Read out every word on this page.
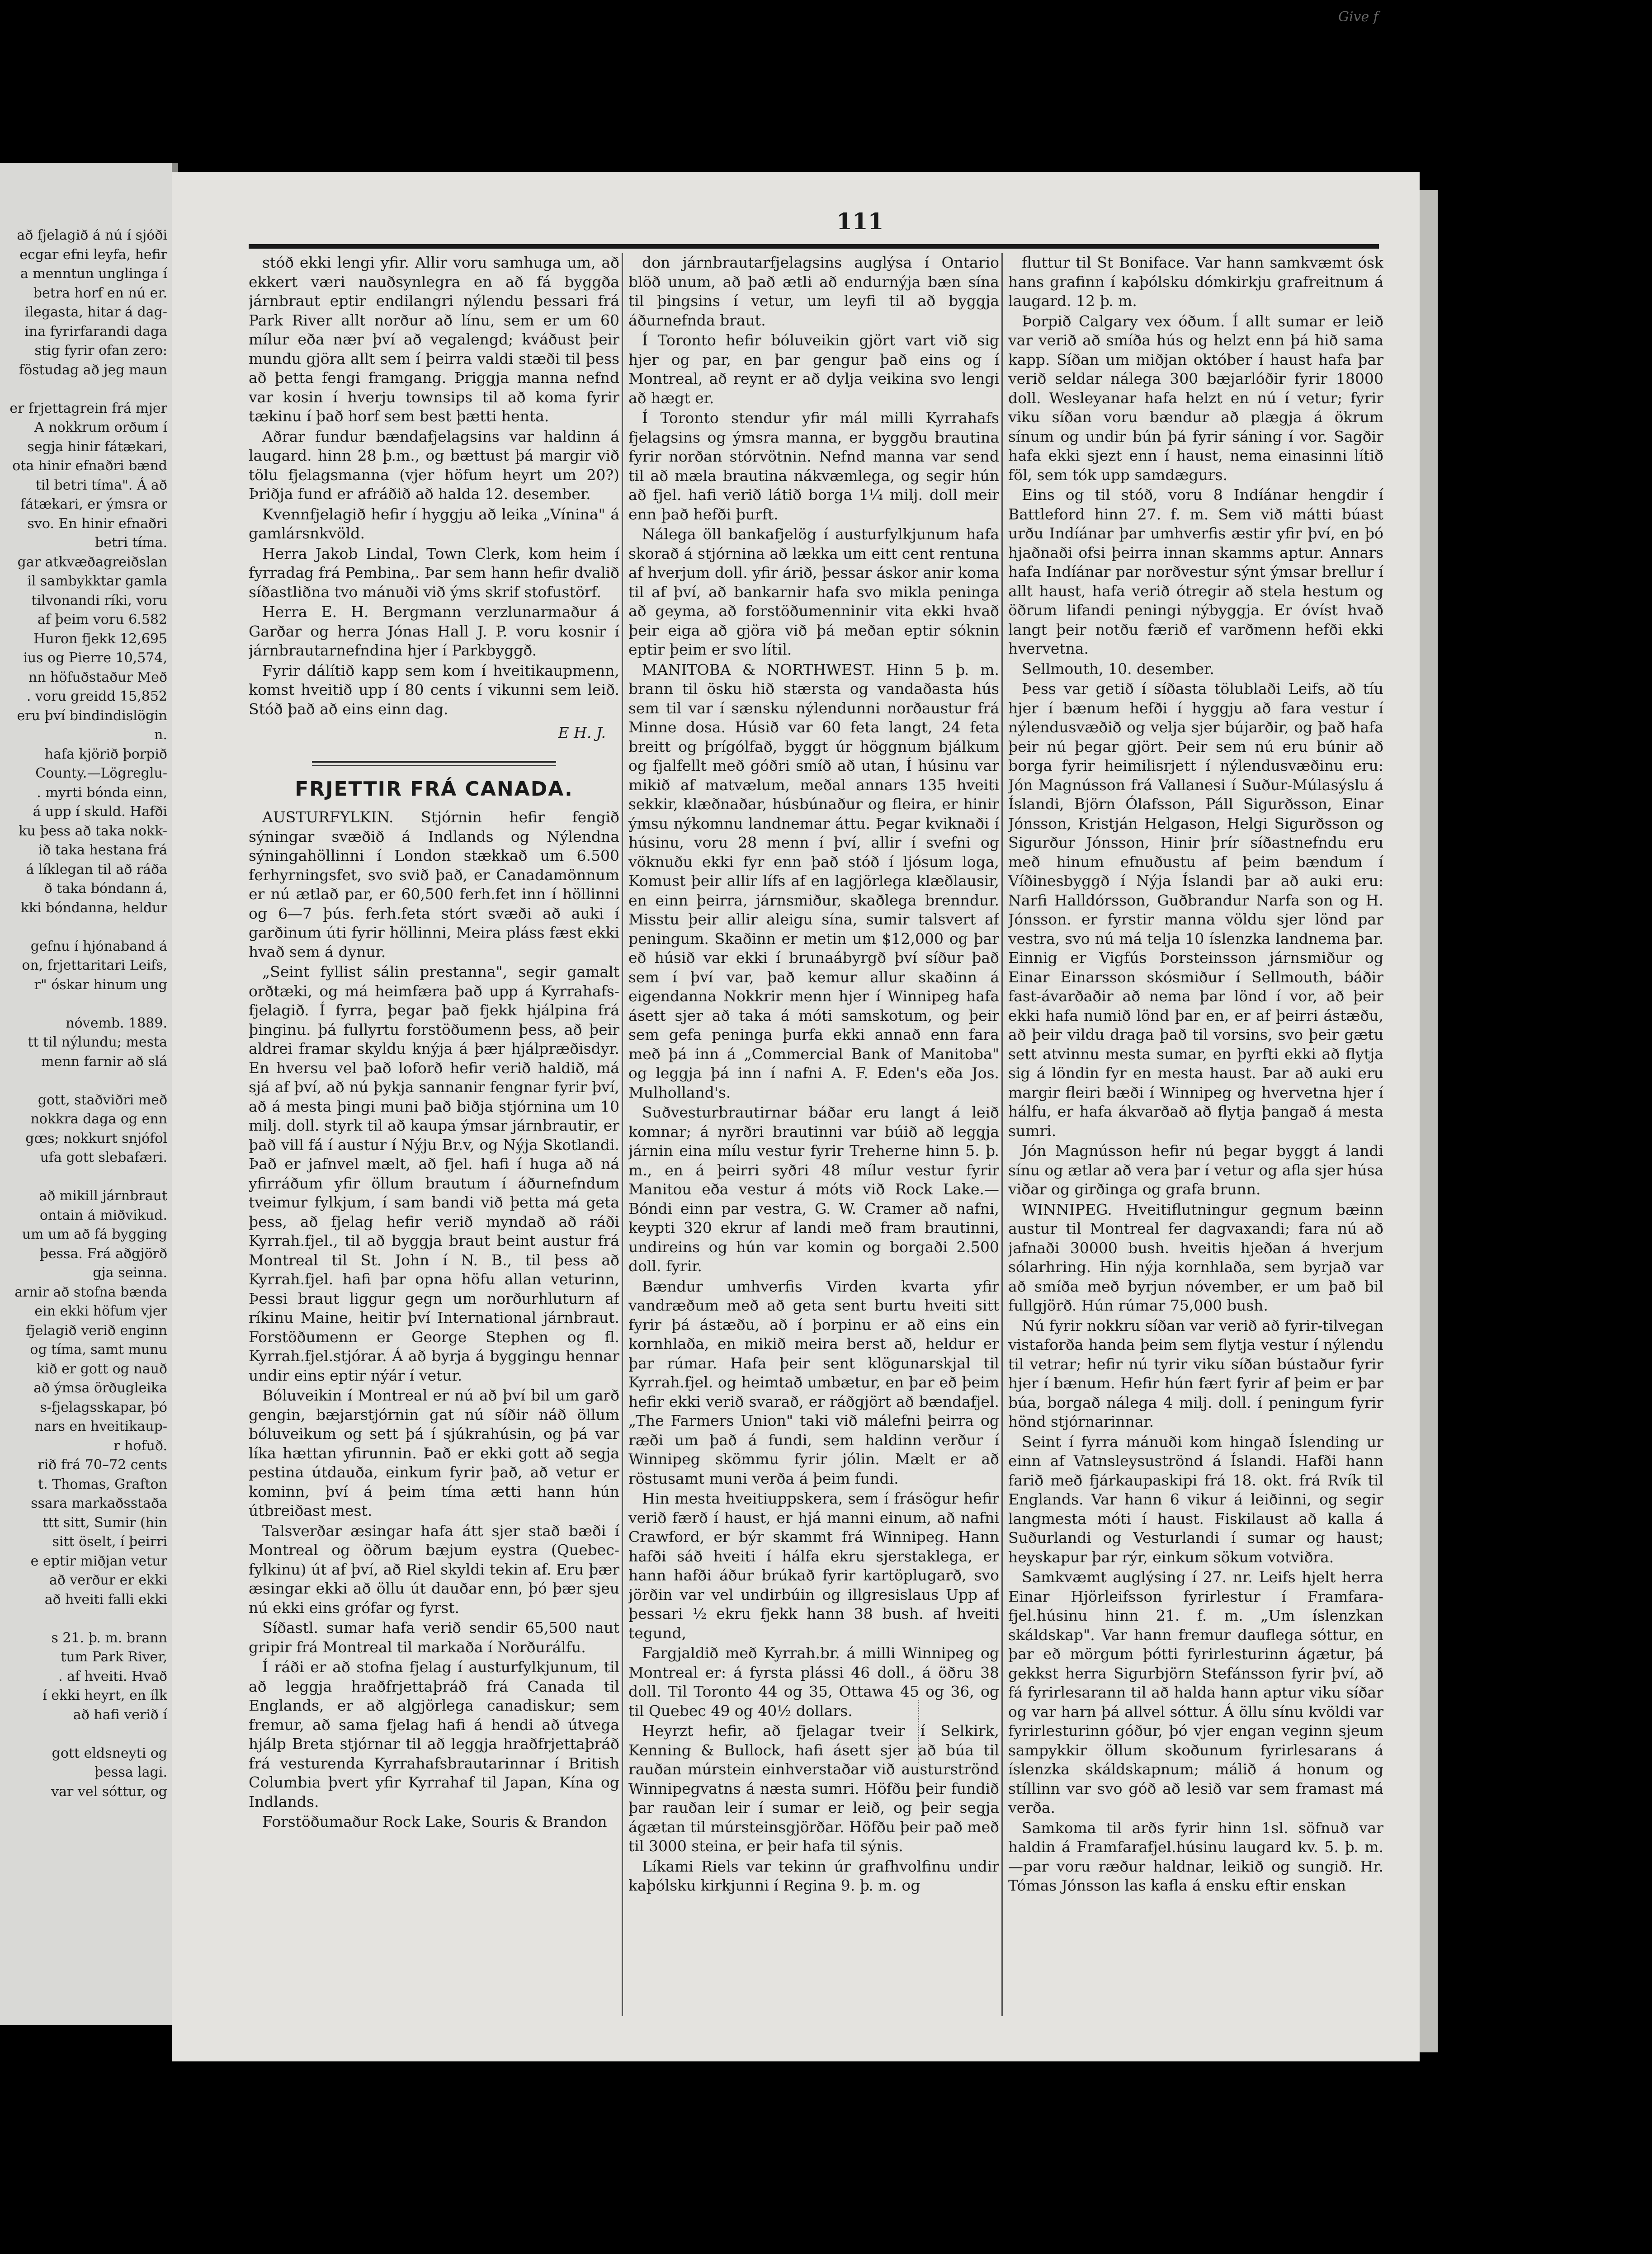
að fjelagið á nú í sjóði
ecgar efni leyfa, hefir
a menntun unglinga í
betra horf en nú er.
ilegasta, hitar á dag-
ina fyrirfarandi daga
stig fyrir ofan zero:
föstudag að jeg maun

er frjettagrein frá mjer
A nokkrum orðum í
segja hinir fátækari,
ota hinir efnaðri bænd
til betri tíma". Á að
fátækari, er ýmsra or
svo. En hinir efnaðri
betri tíma.
gar atkvæðagreiðslan
il sambykktar gamla
tilvonandi ríki, voru
af þeim voru 6.582
Huron fjekk 12,695
ius og Pierre 10,574,
nn höfuðstaður Með
. voru greidd 15,852
eru því bindindislögin
n.
hafa kjörið þorpið
County.—Lögreglu-
. myrti bónda einn,
á upp í skuld. Hafði
ku þess að taka nokk-
ið taka hestana frá
á líklegan til að ráða
ð taka bóndann á,
kki bóndanna, heldur

gefnu í hjónaband á
on, frjettaritari Leifs,
r" óskar hinum ung

nóvemb. 1889.
tt til nýlundu; mesta
menn farnir að slá

gott, staðviðri með
nokkra daga og enn
gœs; nokkurt snjófol
ufa gott slebafæri.

að mikill járnbraut
ontain á miðvikud.
um um að fá bygging
þessa. Frá aðgjörð
gja seinna.
arnir að stofna bænda
ein ekki höfum vjer
fjelagið verið enginn
og tíma, samt munu
kið er gott og nauð
að ýmsa örðugleika
s-fjelagsskapar, þó
nars en hveitikaup-
r hofuð.
rið frá 70–72 cents
t. Thomas, Grafton
ssara markaðsstaða
ttt sitt, Sumir (hin
sitt öselt, í þeirri
e eptir miðjan vetur
að verður er ekki
að hveiti falli ekki

s 21. þ. m. brann
tum Park River,
. af hveiti. Hvað
í ekki heyrt, en ílk
að hafi verið í

gott eldsneyti og
þessa lagi.
var vel sóttur, og
111

stóð ekki lengi yfir. Allir voru samhuga um, að ekkert væri nauðsynlegra en að fá byggða járnbraut eptir endilangri nýlendu þessari frá Park River allt norður að línu, sem er um 60 mílur eða nær því að vegalengd; kváðust þeir mundu gjöra allt sem í þeirra valdi stæði til þess að þetta fengi framgang. Þriggja manna nefnd var kosin í hverju townsips til að koma fyrir tækinu í það horf sem best þætti henta.

Aðrar fundur bændafjelagsins var haldinn á laugard. hinn 28 þ.m., og bættust þá margir við tölu fjelagsmanna (vjer höfum heyrt um 20?) Þriðja fund er afráðið að halda 12. desember.

Kvennfjelagið hefir í hyggju að leika „Vínina" á gamlársnkvöld.

Herra Jakob Lindal, Town Clerk, kom heim í fyrradag frá Pembina,. Þar sem hann hefir dvalið síðastliðna tvo mánuði við ýms skrif stofustörf.

Herra E. H. Bergmann verzlunarmaður á Garðar og herra Jónas Hall J. P. voru kosnir í járnbrautarnefndina hjer í Parkbyggð.

Fyrir dálítið kapp sem kom í hveitikaupmenn, komst hveitið upp í 80 cents í vikunni sem leið. Stóð það að eins einn dag.

E H. J.
FRJETTIR FRÁ CANADA.

AUSTURFYLKIN. Stjórnin hefir fengið sýningar svæðið á Indlands og Nýlendna sýningahöllinni í London stækkað um 6.500 ferhyrningsfet, svo svið það, er Canadamönnum er nú ætlað par, er 60,500 ferh.fet inn í höllinni og 6—7 þús. ferh.feta stórt svæði að auki í garðinum úti fyrir höllinni, Meira pláss fæst ekki hvað sem á dynur.

„Seint fyllist sálin prestanna", segir gamalt orðtæki, og má heimfæra það upp á Kyrrahafs-fjelagið. Í fyrra, þegar það fjekk hjálpina frá þinginu. þá fullyrtu forstöðumenn þess, að þeir aldrei framar skyldu knýja á þær hjálpræðisdyr. En hversu vel það loforð hefir verið haldið, má sjá af því, að nú þykja sannanir fengnar fyrir því, að á mesta þingi muni það biðja stjórnina um 10 milj. doll. styrk til að kaupa ýmsar járnbrautir, er það vill fá í austur í Nýju Br.v, og Nýja Skotlandi. Það er jafnvel mælt, að fjel. hafi í huga að ná yfirráðum yfir öllum brautum í áðurnefndum tveimur fylkjum, í sam bandi við þetta má geta þess, að fjelag hefir verið myndað að ráði Kyrrah.fjel., til að byggja braut beint austur frá Montreal til St. John í N. B., til þess að Kyrrah.fjel. hafi þar opna höfu allan veturinn, Þessi braut liggur gegn um norðurhluturn af ríkinu Maine, heitir því International járnbraut. Forstöðumenn er George Stephen og fl. Kyrrah.fjel.stjórar. Á að byrja á byggingu hennar undir eins eptir nýár í vetur.

Bóluveikin í Montreal er nú að því bil um garð gengin, bæjarstjórnin gat nú síðir náð öllum bóluveikum og sett þá í sjúkrahúsin, og þá var líka hættan yfirunnin. Það er ekki gott að segja pestina útdauða, einkum fyrir það, að vetur er kominn, því á þeim tíma ætti hann hún útbreiðast mest.

Talsverðar æsingar hafa átt sjer stað bæði í Montreal og öðrum bæjum eystra (Quebec-fylkinu) út af því, að Riel skyldi tekin af. Eru þær æsingar ekki að öllu út dauðar enn, þó þær sjeu nú ekki eins grófar og fyrst.

Síðastl. sumar hafa verið sendir 65,500 naut gripir frá Montreal til markaða í Norðurálfu.

Í ráði er að stofna fjelag í austurfylkjunum, til að leggja hraðfrjettaþráð frá Canada til Englands, er að algjörlega canadiskur; sem fremur, að sama fjelag hafi á hendi að útvega hjálp Breta stjórnar til að leggja hraðfrjettaþráð frá vesturenda Kyrrahafsbrautarinnar í British Columbia þvert yfir Kyrrahaf til Japan, Kína og Indlands.

Forstöðumaður Rock Lake, Souris & Brandon

don járnbrautarfjelagsins auglýsa í Ontario blöð unum, að það ætli að endurnýja bæn sína til þingsins í vetur, um leyfi til að byggja áðurnefnda braut.

Í Toronto hefir bóluveikin gjört vart við sig hjer og par, en þar gengur það eins og í Montreal, að reynt er að dylja veikina svo lengi að hægt er.

Í Toronto stendur yfir mál milli Kyrrahafs fjelagsins og ýmsra manna, er byggðu brautina fyrir norðan stórvötnin. Nefnd manna var send til að mæla brautina nákvæmlega, og segir hún að fjel. hafi verið látið borga 1¼ milj. doll meir enn það hefði þurft.

Nálega öll bankafjelög í austurfylkjunum hafa skorað á stjórnina að lækka um eitt cent rentuna af hverjum doll. yfir árið, þessar áskor anir koma til af því, að bankarnir hafa svo mikla peninga að geyma, að forstöðumenninir vita ekki hvað þeir eiga að gjöra við þá meðan eptir sóknin eptir þeim er svo lítil.

MANITOBA & NORTHWEST. Hinn 5 þ. m. brann til ösku hið stærsta og vandaðasta hús sem til var í sænsku nýlendunni norðaustur frá Minne dosa. Húsið var 60 feta langt, 24 feta breitt og þrígólfað, byggt úr höggnum bjálkum og fjalfellt með góðri smíð að utan, Í húsinu var mikið af matvælum, meðal annars 135 hveiti sekkir, klæðnaðar, húsbúnaður og fleira, er hinir ýmsu nýkomnu landnemar áttu. Þegar kviknaði í húsinu, voru 28 menn í því, allir í svefni og vöknuðu ekki fyr enn það stóð í ljósum loga, Komust þeir allir lífs af en lagjörlega klæðlausir, en einn þeirra, járnsmiður, skaðlega brenndur. Misstu þeir allir aleigu sína, sumir talsvert af peningum. Skaðinn er metin um $12,000 og þar eð húsið var ekki í brunaábyrgð því síður það sem í því var, það kemur allur skaðinn á eigendanna Nokkrir menn hjer í Winnipeg hafa ásett sjer að taka á móti samskotum, og þeir sem gefa peninga þurfa ekki annað enn fara með þá inn á „Commercial Bank of Manitoba" og leggja þá inn í nafni A. F. Eden's eða Jos. Mulholland's.

Suðvesturbrautirnar báðar eru langt á leið komnar; á nyrðri brautinni var búið að leggja járnin eina mílu vestur fyrir Treherne hinn 5. þ. m., en á þeirri syðri 48 mílur vestur fyrir Manitou eða vestur á móts við Rock Lake.— Bóndi einn par vestra, G. W. Cramer að nafni, keypti 320 ekrur af landi með fram brautinni, undireins og hún var komin og borgaði 2.500 doll. fyrir.

Bændur umhverfis Virden kvarta yfir vandræðum með að geta sent burtu hveiti sitt fyrir þá ástæðu, að í þorpinu er að eins ein kornhlaða, en mikið meira berst að, heldur er þar rúmar. Hafa þeir sent klögunarskjal til Kyrrah.fjel. og heimtað umbætur, en þar eð þeim hefir ekki verið svarað, er ráðgjört að bændafjel. „The Farmers Union" taki við málefni þeirra og ræði um það á fundi, sem haldinn verður í Winnipeg skömmu fyrir jólin. Mælt er að röstusamt muni verða á þeim fundi.

Hin mesta hveitiuppskera, sem í frásögur hefir verið færð í haust, er hjá manni einum, að nafni Crawford, er býr skammt frá Winnipeg. Hann hafði sáð hveiti í hálfa ekru sjerstaklega, er hann hafði áður brúkað fyrir kartöplugarð, svo jörðin var vel undirbúin og illgresislaus Upp af þessari ½ ekru fjekk hann 38 bush. af hveiti tegund,

Fargjaldið með Kyrrah.br. á milli Winnipeg og Montreal er: á fyrsta plássi 46 doll., á öðru 38 doll. Til Toronto 44 og 35, Ottawa 45 og 36, og til Quebec 49 og 40½ dollars.

Heyrzt hefir, að fjelagar tveir í Selkirk, Kenning & Bullock, hafi ásett sjer að búa til rauðan múrstein einhverstaðar við austurströnd Winnipegvatns á næsta sumri. Höfðu þeir fundið þar rauðan leir í sumar er leið, og þeir segja ágætan til múrsteinsgjörðar. Höfðu þeir pað með til 3000 steina, er þeir hafa til sýnis.

Líkami Riels var tekinn úr grafhvolfinu undir kaþólsku kirkjunni í Regina 9. þ. m. og

fluttur til St Boniface. Var hann samkvæmt ósk hans grafinn í kaþólsku dómkirkju grafreitnum á laugard. 12 þ. m.

Þorpið Calgary vex óðum. Í allt sumar er leið var verið að smíða hús og helzt enn þá hið sama kapp. Síðan um miðjan október í haust hafa þar verið seldar nálega 300 bæjarlóðir fyrir 18000 doll. Wesleyanar hafa helzt en nú í vetur; fyrir viku síðan voru bændur að plægja á ökrum sínum og undir bún þá fyrir sáning í vor. Sagðir hafa ekki sjezt enn í haust, nema einasinni lítið föl, sem tók upp samdægurs.

Eins og til stóð, voru 8 Indíánar hengdir í Battleford hinn 27. f. m. Sem við mátti búast urðu Indíánar þar umhverfis æstir yfir því, en þó hjaðnaði ofsi þeirra innan skamms aptur. Annars hafa Indíánar par norðvestur sýnt ýmsar brellur í allt haust, hafa verið ótregir að stela hestum og öðrum lifandi peningi nýbyggja. Er óvíst hvað langt þeir notðu færið ef varðmenn hefði ekki hvervetna.

Sellmouth, 10. desember.

Þess var getið í síðasta tölublaði Leifs, að tíu hjer í bænum hefði í hyggju að fara vestur í nýlendusvæðið og velja sjer bújarðir, og það hafa þeir nú þegar gjört. Þeir sem nú eru búnir að borga fyrir heimilisrjett í nýlendusvæðinu eru: Jón Magnússon frá Vallanesi í Suður-Múlasýslu á Íslandi, Björn Ólafsson, Páll Sigurðsson, Einar Jónsson, Kristján Helgason, Helgi Sigurðsson og Sigurður Jónsson, Hinir þrír síðastnefndu eru með hinum efnuðustu af þeim bændum í Víðinesbyggð í Nýja Íslandi þar að auki eru: Narfi Halldórsson, Guðbrandur Narfa son og H. Jónsson. er fyrstir manna völdu sjer lönd par vestra, svo nú má telja 10 íslenzka landnema þar. Einnig er Vigfús Þorsteinsson járnsmiður og Einar Einarsson skósmiður í Sellmouth, báðir fast-ávarðaðir að nema þar lönd í vor, að þeir ekki hafa numið lönd þar en, er af þeirri ástæðu, að þeir vildu draga það til vorsins, svo þeir gætu sett atvinnu mesta sumar, en þyrfti ekki að flytja sig á löndin fyr en mesta haust. Þar að auki eru margir fleiri bæði í Winnipeg og hvervetna hjer í hálfu, er hafa ákvarðað að flytja þangað á mesta sumri.

Jón Magnússon hefir nú þegar byggt á landi sínu og ætlar að vera þar í vetur og afla sjer húsa viðar og girðinga og grafa brunn.

WINNIPEG. Hveitiflutningur gegnum bæinn austur til Montreal fer dagvaxandi; fara nú að jafnaði 30000 bush. hveitis hjeðan á hverjum sólarhring. Hin nýja kornhlaða, sem byrjað var að smíða með byrjun nóvember, er um það bil fullgjörð. Hún rúmar 75,000 bush.

Nú fyrir nokkru síðan var verið að fyrir-tilvegan vistaforða handa þeim sem flytja vestur í nýlendu til vetrar; hefir nú tyrir viku síðan bústaður fyrir hjer í bænum. Hefir hún fært fyrir af þeim er þar búa, borgað nálega 4 milj. doll. í peningum fyrir hönd stjórnarinnar.

Seint í fyrra mánuði kom hingað Íslending ur einn af Vatnsleysuströnd á Íslandi. Hafði hann farið með fjárkaupaskipi frá 18. okt. frá Rvík til Englands. Var hann 6 vikur á leiðinni, og segir langmesta móti í haust. Fiskilaust að kalla á Suðurlandi og Vesturlandi í sumar og haust; heyskapur þar rýr, einkum sökum votviðra.

Samkvæmt auglýsing í 27. nr. Leifs hjelt herra Einar Hjörleifsson fyrirlestur í Framfara-fjel.húsinu hinn 21. f. m. „Um íslenzkan skáldskap". Var hann fremur dauflega sóttur, en þar eð mörgum þótti fyrirlesturinn ágætur, þá gekkst herra Sigurbjörn Stefánsson fyrir því, að fá fyrirlesarann til að halda hann aptur viku síðar og var harn þá allvel sóttur. Á öllu sínu kvöldi var fyrirlesturinn góður, þó vjer engan veginn sjeum sampykkir öllum skoðunum fyrirlesarans á íslenzka skáldskapnum; málið á honum og stíllinn var svo góð að lesið var sem framast má verða.

Samkoma til arðs fyrir hinn 1sl. söfnuð var haldin á Framfarafjel.húsinu laugard kv. 5. þ. m.—par voru ræður haldnar, leikið og sungið. Hr. Tómas Jónsson las kafla á ensku eftir enskan

Give f
